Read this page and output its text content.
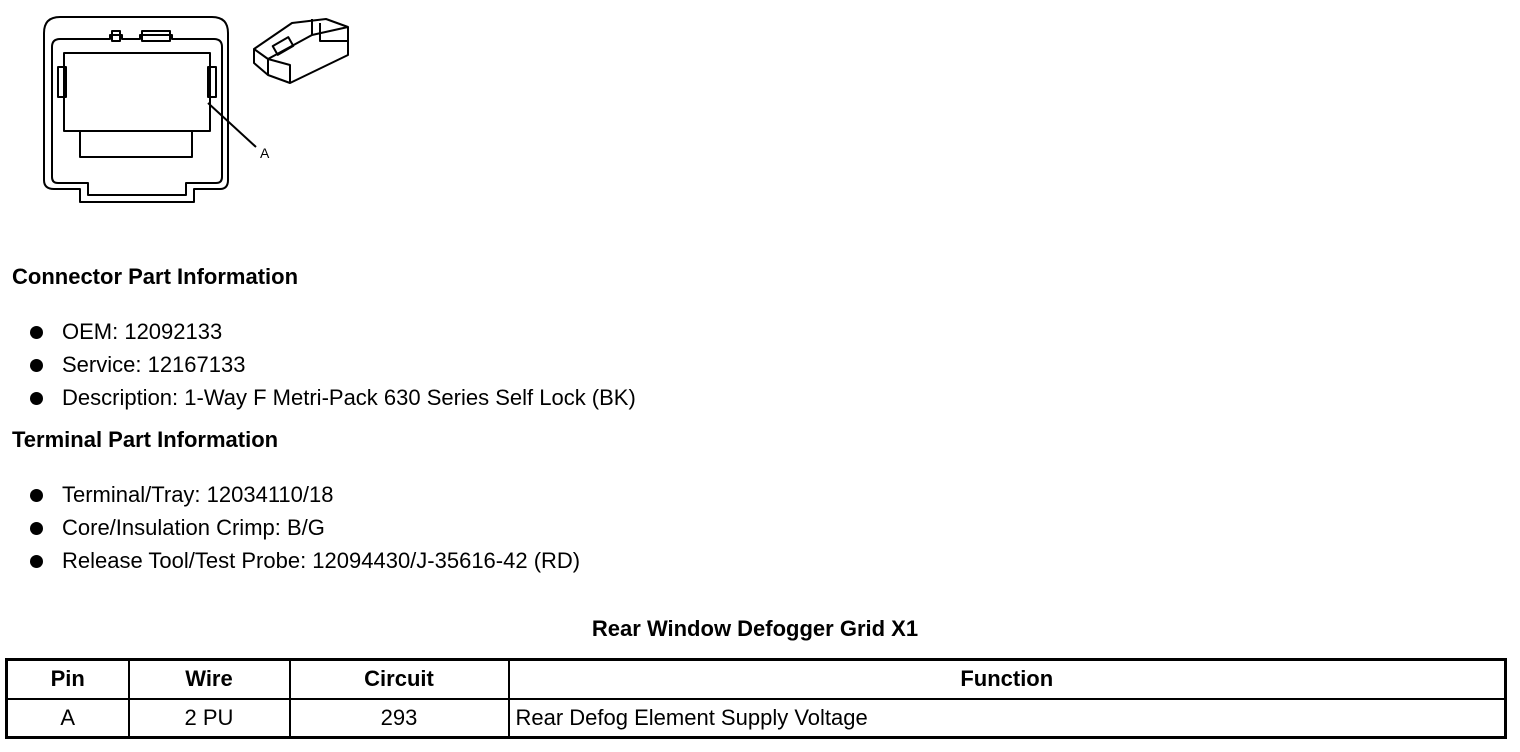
A
Connector Part Information
OEM: 12092133
Service: 12167133
Description: 1-Way F Metri-Pack 630 Series Self Lock (BK)
Terminal Part Information
Terminal/Tray: 12034110/18
Core/Insulation Crimp: B/G
Release Tool/Test Probe: 12094430/J-35616-42 (RD)
Rear Window Defogger Grid X1
Pin	Wire	Circuit	Function
A	2 PU	293	Rear Defog Element Supply Voltage
